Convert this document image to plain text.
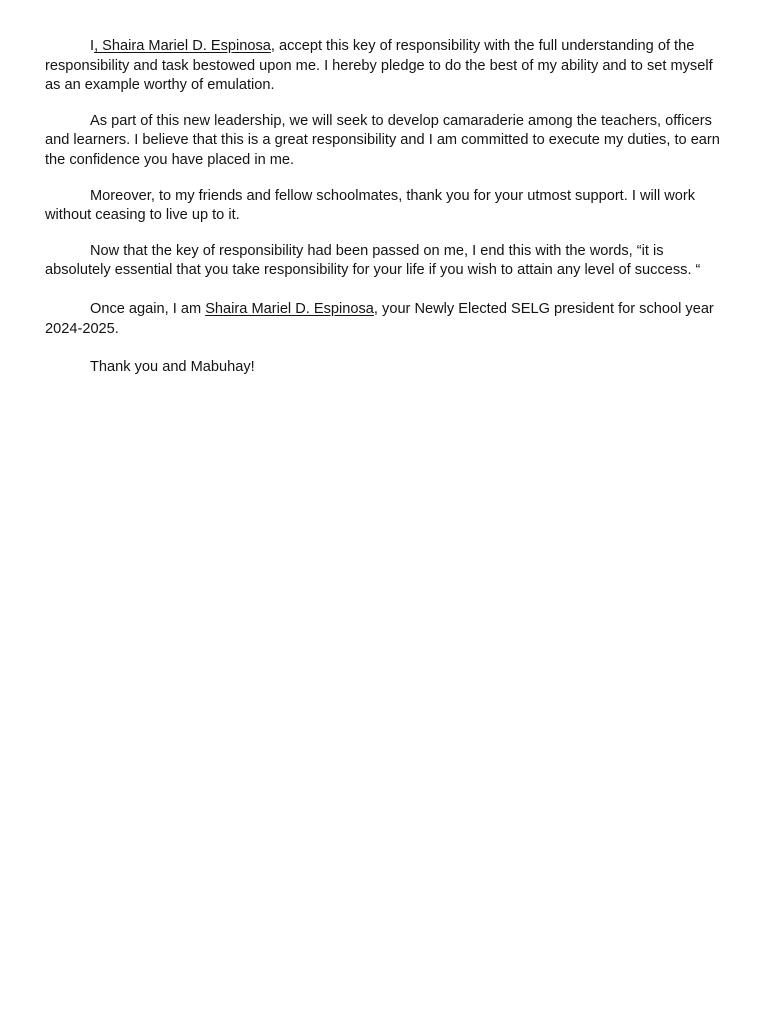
I, Shaira Mariel D. Espinosa, accept this key of responsibility with the full understanding of the responsibility and task bestowed upon me. I hereby pledge to do the best of my ability and to set myself as an example worthy of emulation.

As part of this new leadership, we will seek to develop camaraderie among the teachers, officers and learners. I believe that this is a great responsibility and I am committed to execute my duties, to earn the confidence you have placed in me.

Moreover, to my friends and fellow schoolmates, thank you for your utmost support. I will work without ceasing to live up to it.

Now that the key of responsibility had been passed on me, I end this with the words, “it is absolutely essential that you take responsibility for your life if you wish to attain any level of success. “

Once again, I am Shaira Mariel D. Espinosa, your Newly Elected SELG president for school year 2024-2025.

Thank you and Mabuhay!
